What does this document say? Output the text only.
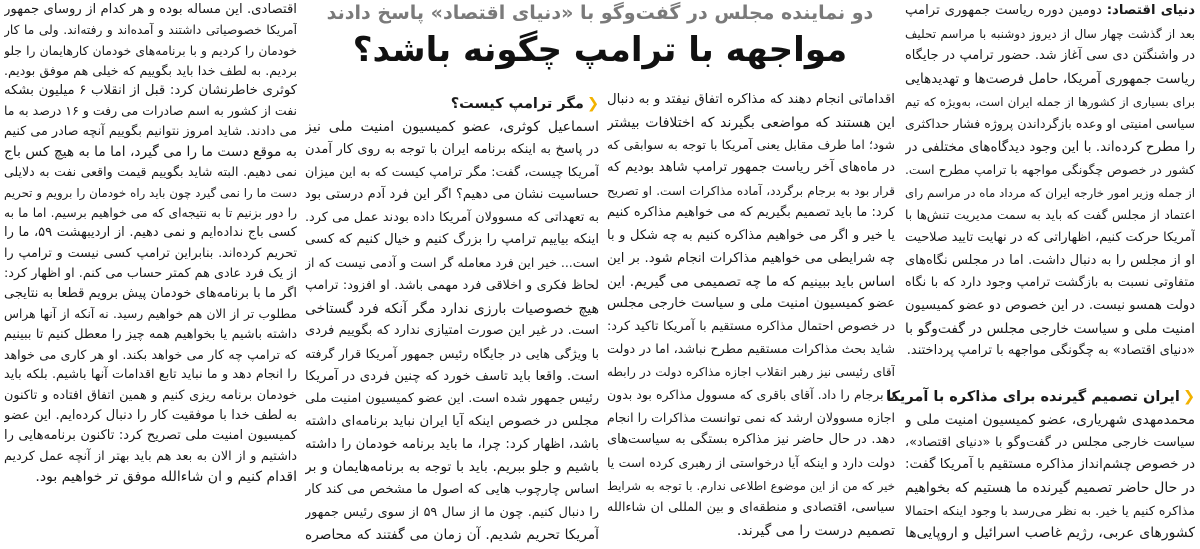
دو نماینده مجلس در گفت‌وگو با «دنیای اقتصاد» پاسخ دادند
مواجهه با ترامپ چگونه باشد؟
دنیای اقتصاد: دومین دوره ریاست جمهوری ترامپ
بعد از گذشت چهار سال از دیروز دوشنبه با مراسم تحلیف
در واشنگتن دی سی آغاز شد. حضور ترامپ در جایگاه
ریاست جمهوری آمریکا، حامل فرصت‌ها و تهدیدهایی
برای بسیاری از کشورها از جمله ایران است، به‌ویژه که تیم
سیاسی امنیتی او وعده بازگرداندن پروژه فشار حداکثری
را مطرح کرده‌اند. با این وجود دیدگاه‌های مختلفی در
کشور در خصوص چگونگی مواجهه با ترامپ مطرح است.
از جمله وزیر امور خارجه ایران که مرداد ماه در مراسم رای
اعتماد از مجلس گفت که باید به سمت مدیریت تنش‌ها با
آمریکا حرکت کنیم، اظهاراتی که در نهایت تایید صلاحیت
او از مجلس را به دنبال داشت. اما در مجلس نگاه‌های
متفاوتی نسبت به بازگشت ترامپ وجود دارد که با نگاه
دولت همسو نیست. در این خصوص دو عضو کمیسیون
امنیت ملی و سیاست خارجی مجلس در گفت‌وگو با
«دنیای اقتصاد» به چگونگی مواجهه با ترامپ پرداختند.
❯ایران تصمیم گیرنده برای مذاکره با آمریکا
محمدمهدی شهریاری، عضو کمیسیون امنیت ملی و
سیاست خارجی مجلس در گفت‌وگو با «دنیای اقتصاد»،
در خصوص چشم‌انداز مذاکره مستقیم با آمریکا گفت:
در حال حاضر تصمیم گیرنده ما هستیم که بخواهیم
مذاکره کنیم یا خیر. به نظر می‌رسد با وجود اینکه احتمالا
کشورهای عربی، رژیم غاصب اسرائیل و اروپایی‌ها
اقداماتی انجام دهند که مذاکره اتفاق نیفتد و به دنبال
این هستند که مواضعی بگیرند که اختلافات بیشتر
شود؛ اما طرف مقابل یعنی آمریکا با توجه به سوابقی که
در ماه‌های آخر ریاست جمهور ترامپ شاهد بودیم که
قرار بود به برجام برگردد، آماده مذاکرات است. او تصریح
کرد: ما باید تصمیم بگیریم که می خواهیم مذاکره کنیم
یا خیر و اگر می خواهیم مذاکره کنیم به چه شکل و با
چه شرایطی می خواهیم مذاکرات انجام شود. بر این
اساس باید ببینیم که ما چه تصمیمی می گیریم. این
عضو کمیسیون امنیت ملی و سیاست خارجی مجلس
در خصوص احتمال مذاکره مستقیم با آمریکا تاکید کرد:
شاید بحث مذاکرات مستقیم مطرح نباشد، اما در دولت
آقای رئیسی نیز رهبر انقلاب اجازه مذاکره دولت در رابطه
با برجام را داد. آقای باقری که مسوول مذاکره بود بدون
اجازه مسوولان ارشد که نمی توانست مذاکرات را انجام
دهد. در حال حاضر نیز مذاکره بستگی به سیاست‌های
دولت دارد و اینکه آیا درخواستی از رهبری کرده است یا
خیر که من از این موضوع اطلاعی ندارم. با توجه به شرایط
سیاسی، اقتصادی و منطقه‌ای و بین المللی ان شاءالله
تصمیم درست را می گیرند.
❯مگر ترامپ کیست؟
اسماعیل کوثری، عضو کمیسیون امنیت ملی نیز
در پاسخ به اینکه برنامه ایران با توجه به روی کار آمدن
آمریکا چیست، گفت: مگر ترامپ کیست که به این میزان
حساسیت نشان می دهیم؟ اگر این فرد آدم درستی بود
به تعهداتی که مسوولان آمریکا داده بودند عمل می کرد.
اینکه بیاییم ترامپ را بزرگ کنیم و خیال کنیم که کسی
است... خیر این فرد معامله گر است و آدمی نیست که از
لحاظ فکری و اخلاقی فرد مهمی باشد. او افزود: ترامپ
هیچ خصوصیات بارزی ندارد مگر آنکه فرد گستاخی
است. در غیر این صورت امتیازی ندارد که بگوییم فردی
با ویژگی هایی در جایگاه رئیس جمهور آمریکا قرار گرفته
است. واقعا باید تاسف خورد که چنین فردی در آمریکا
رئیس جمهور شده است. این عضو کمیسیون امنیت ملی
مجلس در خصوص اینکه آیا ایران نباید برنامه‌ای داشته
باشد، اظهار کرد: چرا، ما باید برنامه خودمان را داشته
باشیم و جلو ببریم. باید با توجه به برنامه‌هایمان و بر
اساس چارچوب هایی که اصول ما مشخص می کند کار
را دنبال کنیم. چون ما از سال ۵۹ از سوی رئیس جمهور
آمریکا تحریم شدیم. آن زمان می گفتند که محاصره
اقتصادی. این مساله بوده و هر کدام از روسای جمهور
آمریکا خصوصیاتی داشتند و آمده‌اند و رفته‌اند. ولی ما کار
خودمان را کردیم و با برنامه‌های خودمان کارهایمان را جلو
بردیم. به لطف خدا باید بگوییم که خیلی هم موفق بودیم.
کوثری خاطرنشان کرد: قبل از انقلاب ۶ میلیون بشکه
نفت از کشور به اسم صادرات می رفت و ۱۶ درصد به ما
می دادند. شاید امروز نتوانیم بگوییم آنچه صادر می کنیم
به موقع دست ما را می گیرد، اما ما به هیچ کس باج
نمی دهیم. البته شاید بگوییم قیمت واقعی نفت به دلایلی
دست ما را نمی گیرد چون باید راه خودمان را برویم و تحریم
را دور بزنیم تا به نتیجه‌ای که می خواهیم برسیم. اما ما به
کسی باج نداده‌ایم و نمی دهیم. از اردیبهشت ۵۹، ما را
تحریم کرده‌اند. بنابراین ترامپ کسی نیست و ترامپ را
از یک فرد عادی هم کمتر حساب می کنم. او اظهار کرد:
اگر ما با برنامه‌های خودمان پیش برویم قطعا به نتایجی
مطلوب تر از الان هم خواهیم رسید. نه آنکه از آنها هراس
داشته باشیم یا بخواهیم همه چیز را معطل کنیم تا ببینیم
که ترامپ چه کار می خواهد بکند. او هر کاری می خواهد
را انجام دهد و ما نباید تابع اقدامات آنها باشیم. بلکه باید
خودمان برنامه ریزی کنیم و همین اتفاق افتاده و تاکنون
به لطف خدا با موفقیت کار را دنبال کرده‌ایم. این عضو
کمیسیون امنیت ملی تصریح کرد: تاکنون برنامه‌هایی را
داشتیم و از الان به بعد هم باید بهتر از آنچه عمل کردیم
اقدام کنیم و ان شاءالله موفق تر خواهیم بود.
